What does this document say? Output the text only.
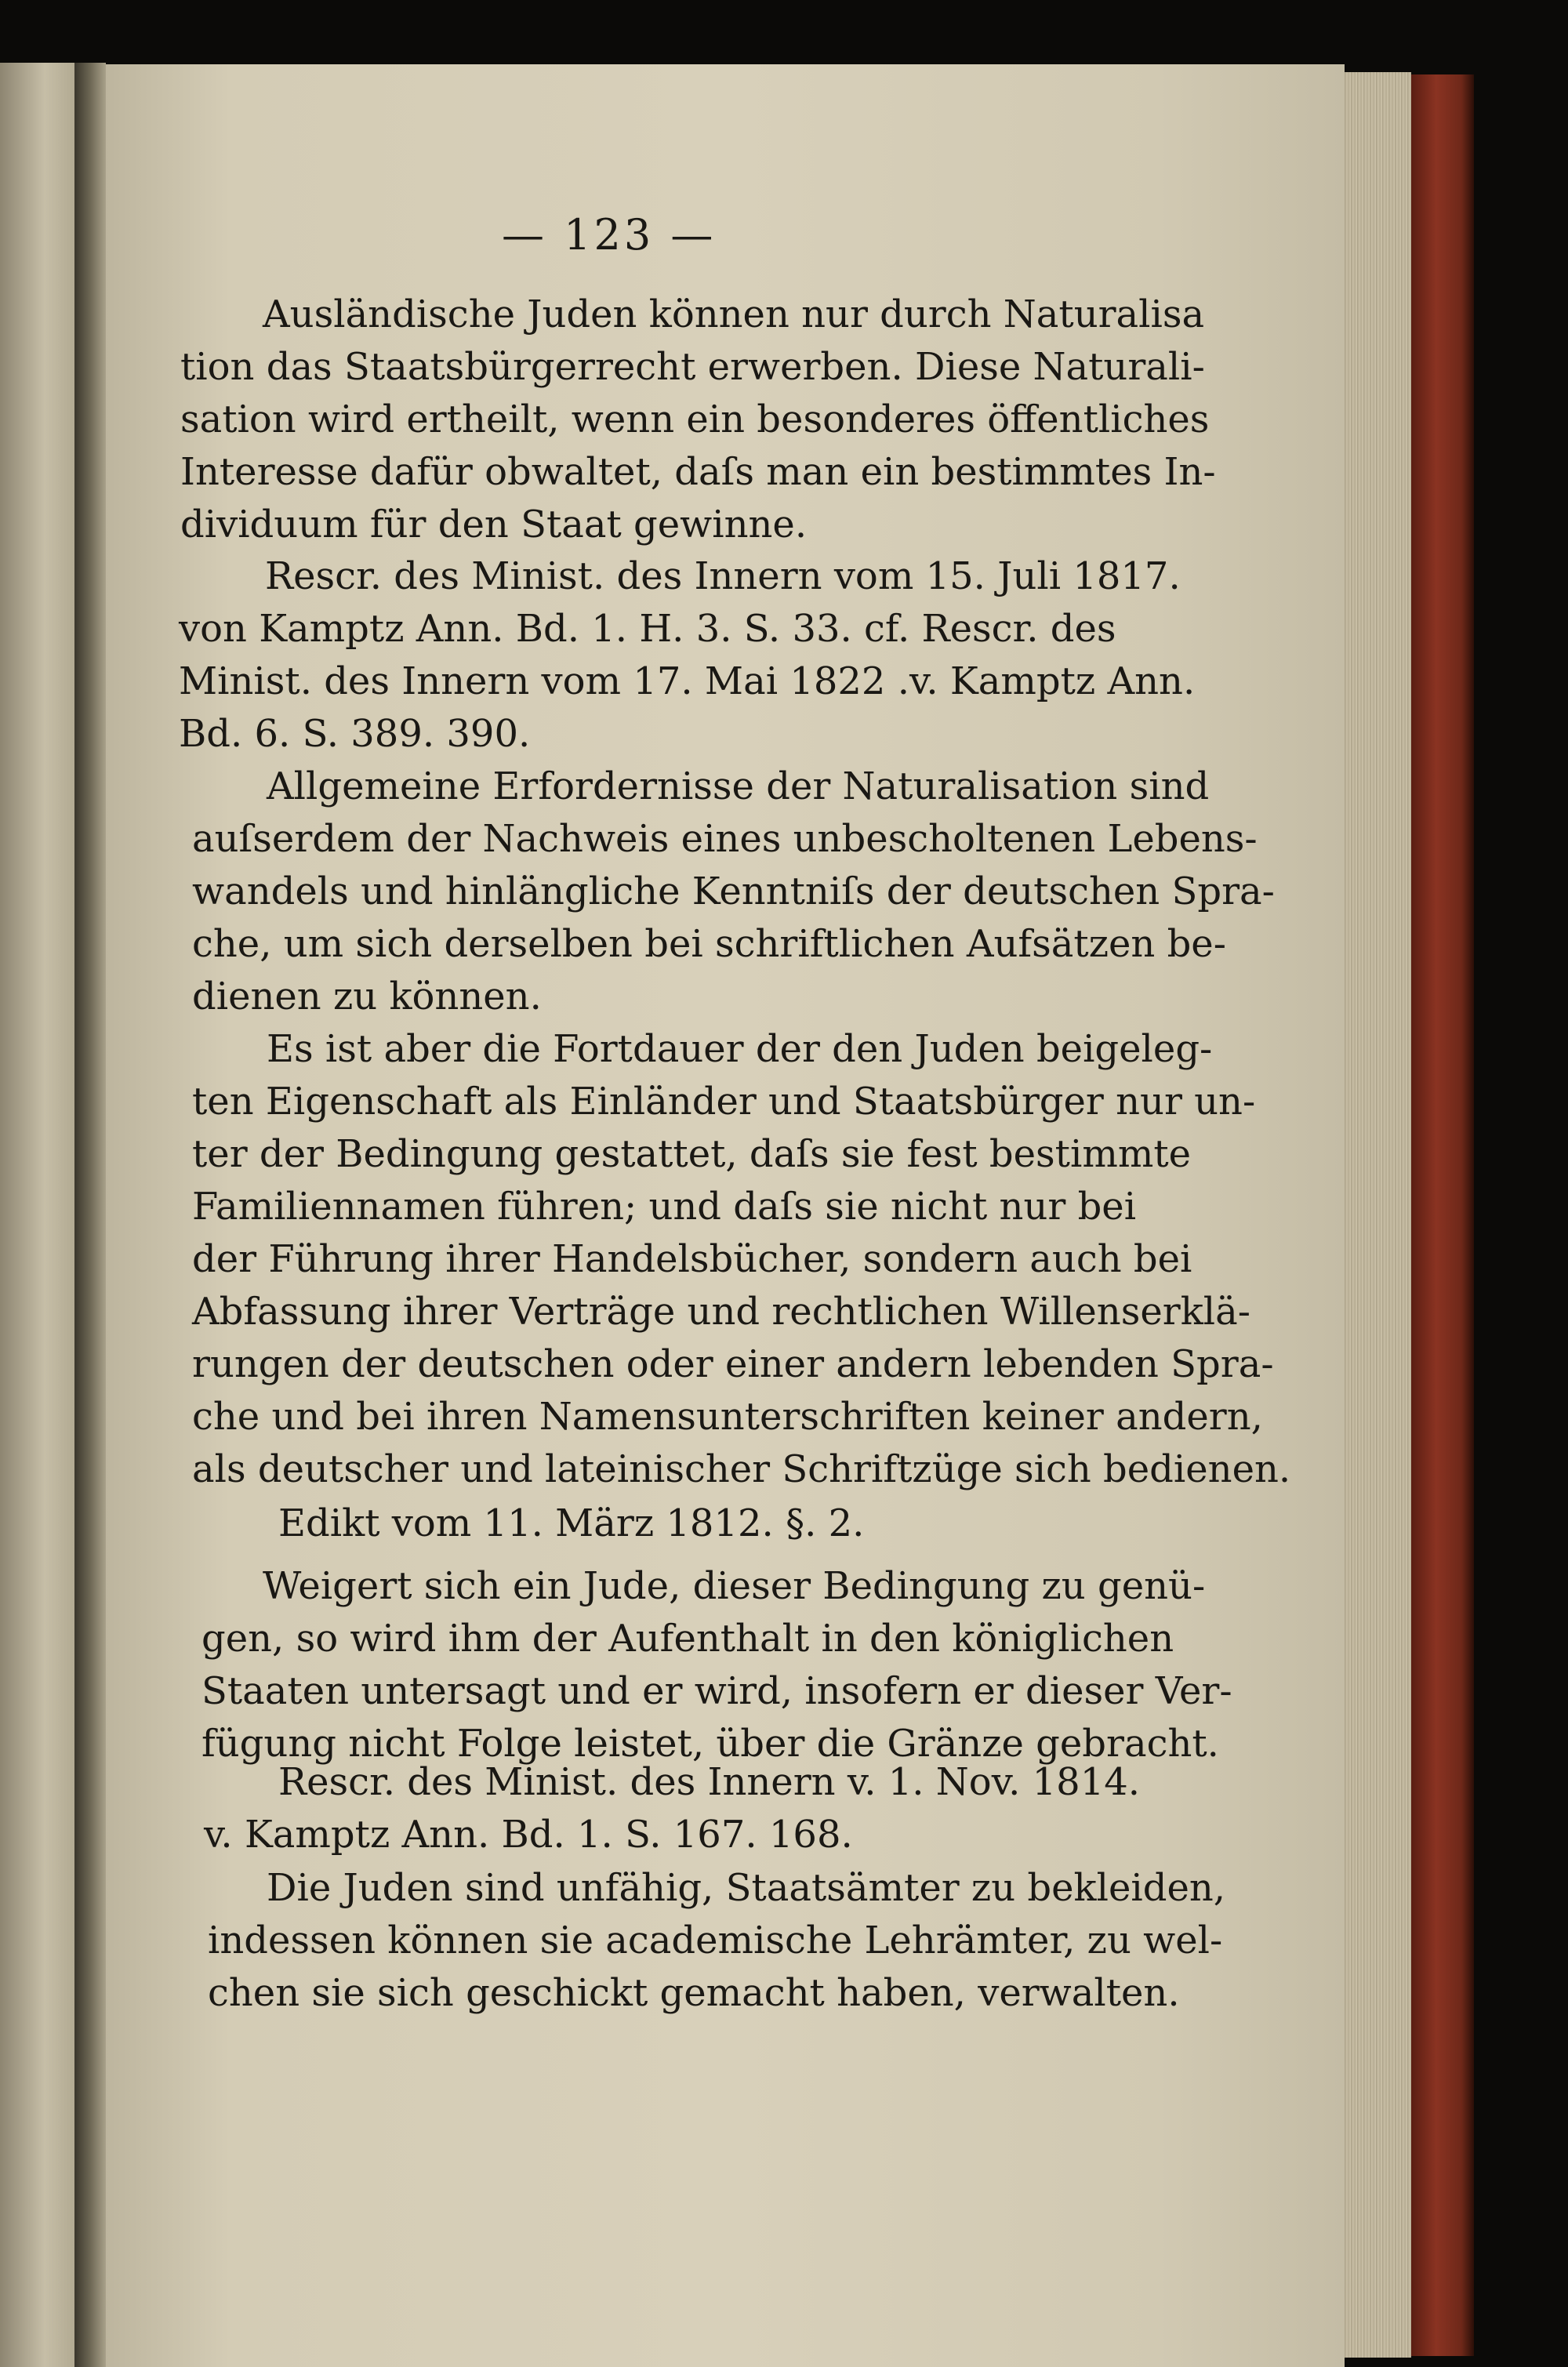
— 123 —
Ausländische Juden können nur durch Naturalisa
tion das Staatsbürgerrecht erwerben. Diese Naturali-
sation wird ertheilt, wenn ein besonderes öffentliches
Interesse dafür obwaltet, daſs man ein bestimmtes In-
dividuum für den Staat gewinne.
Rescr. des Minist. des Innern vom 15. Juli 1817.
von Kamptz Ann. Bd. 1. H. 3. S. 33. cf. Rescr. des
Minist. des Innern vom 17. Mai 1822 .v. Kamptz Ann.
Bd. 6. S. 389. 390.
Allgemeine Erfordernisse der Naturalisation sind
auſserdem der Nachweis eines unbescholtenen Lebens-
wandels und hinlängliche Kenntniſs der deutschen Spra-
che, um sich derselben bei schriftlichen Aufsätzen be-
dienen zu können.
Es ist aber die Fortdauer der den Juden beigeleg-
ten Eigenschaft als Einländer und Staatsbürger nur un-
ter der Bedingung gestattet, daſs sie fest bestimmte
Familiennamen führen; und daſs sie nicht nur bei
der Führung ihrer Handelsbücher, sondern auch bei
Abfassung ihrer Verträge und rechtlichen Willenserklä-
rungen der deutschen oder einer andern lebenden Spra-
che und bei ihren Namensunterschriften keiner andern,
als deutscher und lateinischer Schriftzüge sich bedienen.
Edikt vom 11. März 1812. §. 2.
Weigert sich ein Jude, dieser Bedingung zu genü-
gen, so wird ihm der Aufenthalt in den königlichen
Staaten untersagt und er wird, insofern er dieser Ver-
fügung nicht Folge leistet, über die Gränze gebracht.
Rescr. des Minist. des Innern v. 1. Nov. 1814.
v. Kamptz Ann. Bd. 1. S. 167. 168.
Die Juden sind unfähig, Staatsämter zu bekleiden,
indessen können sie academische Lehrämter, zu wel-
chen sie sich geschickt gemacht haben, verwalten.
